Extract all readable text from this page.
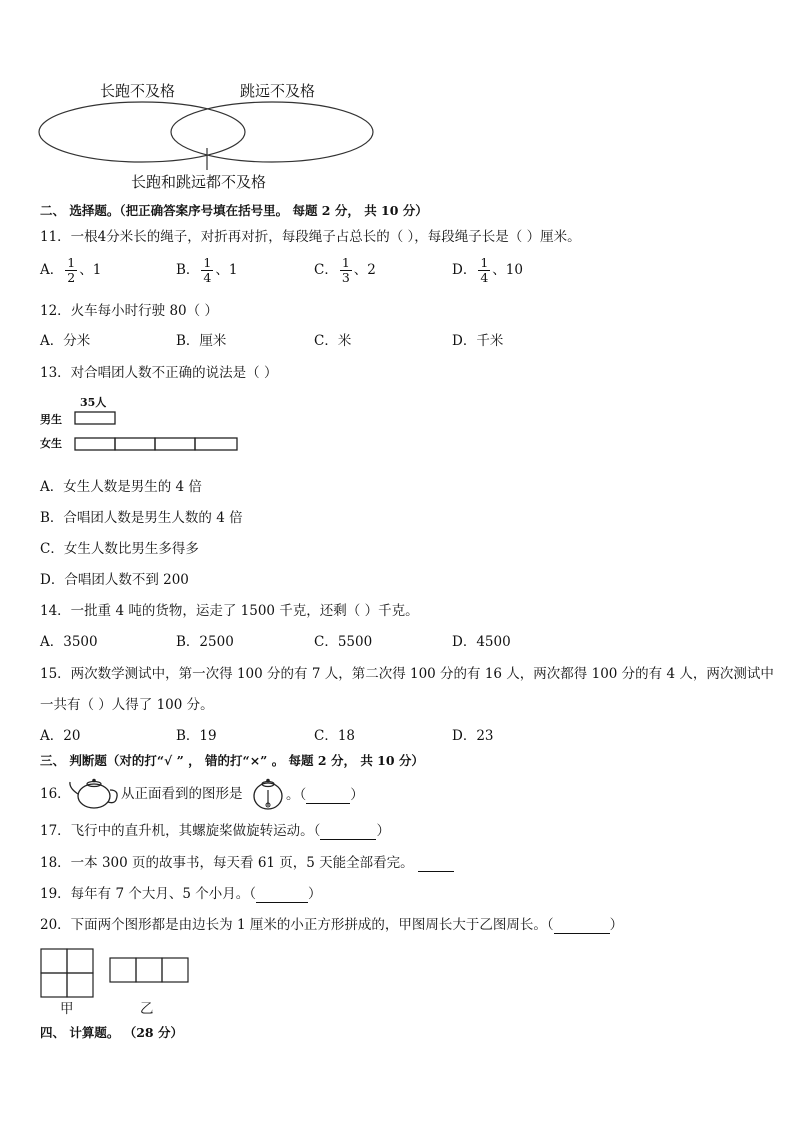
长跑不及格	跳远不及格
长跑和跳远都不及格
二、 选择题。（把正确答案序号填在括号里。 每题 2 分， 共 10 分）
11．一根4分米长的绳子，对折再对折，每段绳子占总长的（ ），每段绳子长是（ ）厘米。
A． $\frac{1}{2}$ 、1	B． $\frac{1}{4}$ 、1	C． $\frac{1}{3}$ 、2	D． $\frac{1}{4}$ 、10
12．火车每小时行驶 80（ ）
A．分米	B．厘米	C．米	D．千米
13．对合唱团人数不正确的说法是（ ）
35人
男生
女生
A．女生人数是男生的 4 倍
B．合唱团人数是男生人数的 4 倍
C．女生人数比男生多得多
D．合唱团人数不到 200
14．一批重 4 吨的货物，运走了 1500 千克，还剩（ ）千克。
A．3500	B．2500	C．5500	D．4500
15．两次数学测试中，第一次得 100 分的有 7 人，第二次得 100 分的有 16 人，两次都得 100 分的有 4 人，两次测试中
一共有（ ）人得了 100 分。
A．20	B．19	C．18	D．23
三、 判断题（对的打“√ ” ， 错的打“×” 。 每题 2 分， 共 10 分）
16．	从正面看到的图形是	。（	）
17．飞行中的直升机，其螺旋桨做旋转运动。（	）
18．一本 300 页的故事书，每天看 61 页，5 天能全部看完。
19．每年有 7 个大月、5 个小月。（	）
20．下面两个图形都是由边长为 1 厘米的小正方形拼成的，甲图周长大于乙图周长。（	）
甲	乙
四、 计算题。 （28 分）
